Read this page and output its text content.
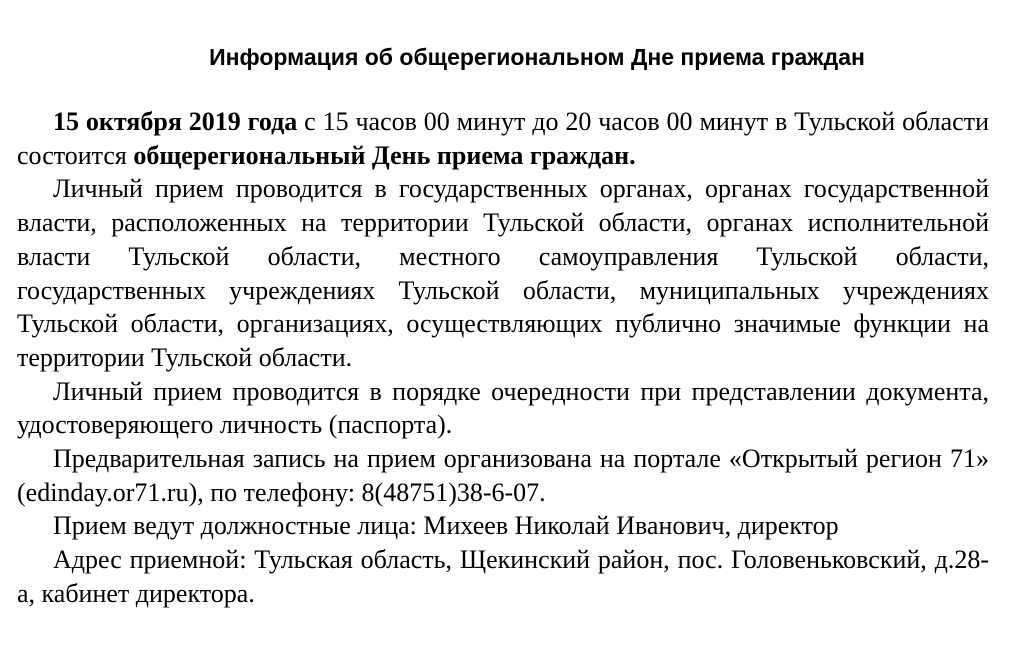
Информация об общерегиональном Дне приема граждан

15 октября 2019 года с 15 часов 00 минут до 20 часов 00 минут в Тульской области состоится общерегиональный День приема граждан.

Личный прием проводится в государственных органах, органах государственной власти, расположенных на территории Тульской области, органах исполнительной власти Тульской области, местного самоуправления Тульской области, государственных учреждениях Тульской области, муниципальных учреждениях Тульской области, организациях, осуществляющих публично значимые функции на территории Тульской области.

Личный прием проводится в порядке очередности при представлении документа, удостоверяющего личность (паспорта).

Предварительная запись на прием организована на портале «Открытый регион 71» (edinday.or71.ru), по телефону: 8(48751)38-6-07.

Прием ведут должностные лица: Михеев Николай Иванович, директор

Адрес приемной: Тульская область, Щекинский район, пос. Головеньковский, д.28-а, кабинет директора.
